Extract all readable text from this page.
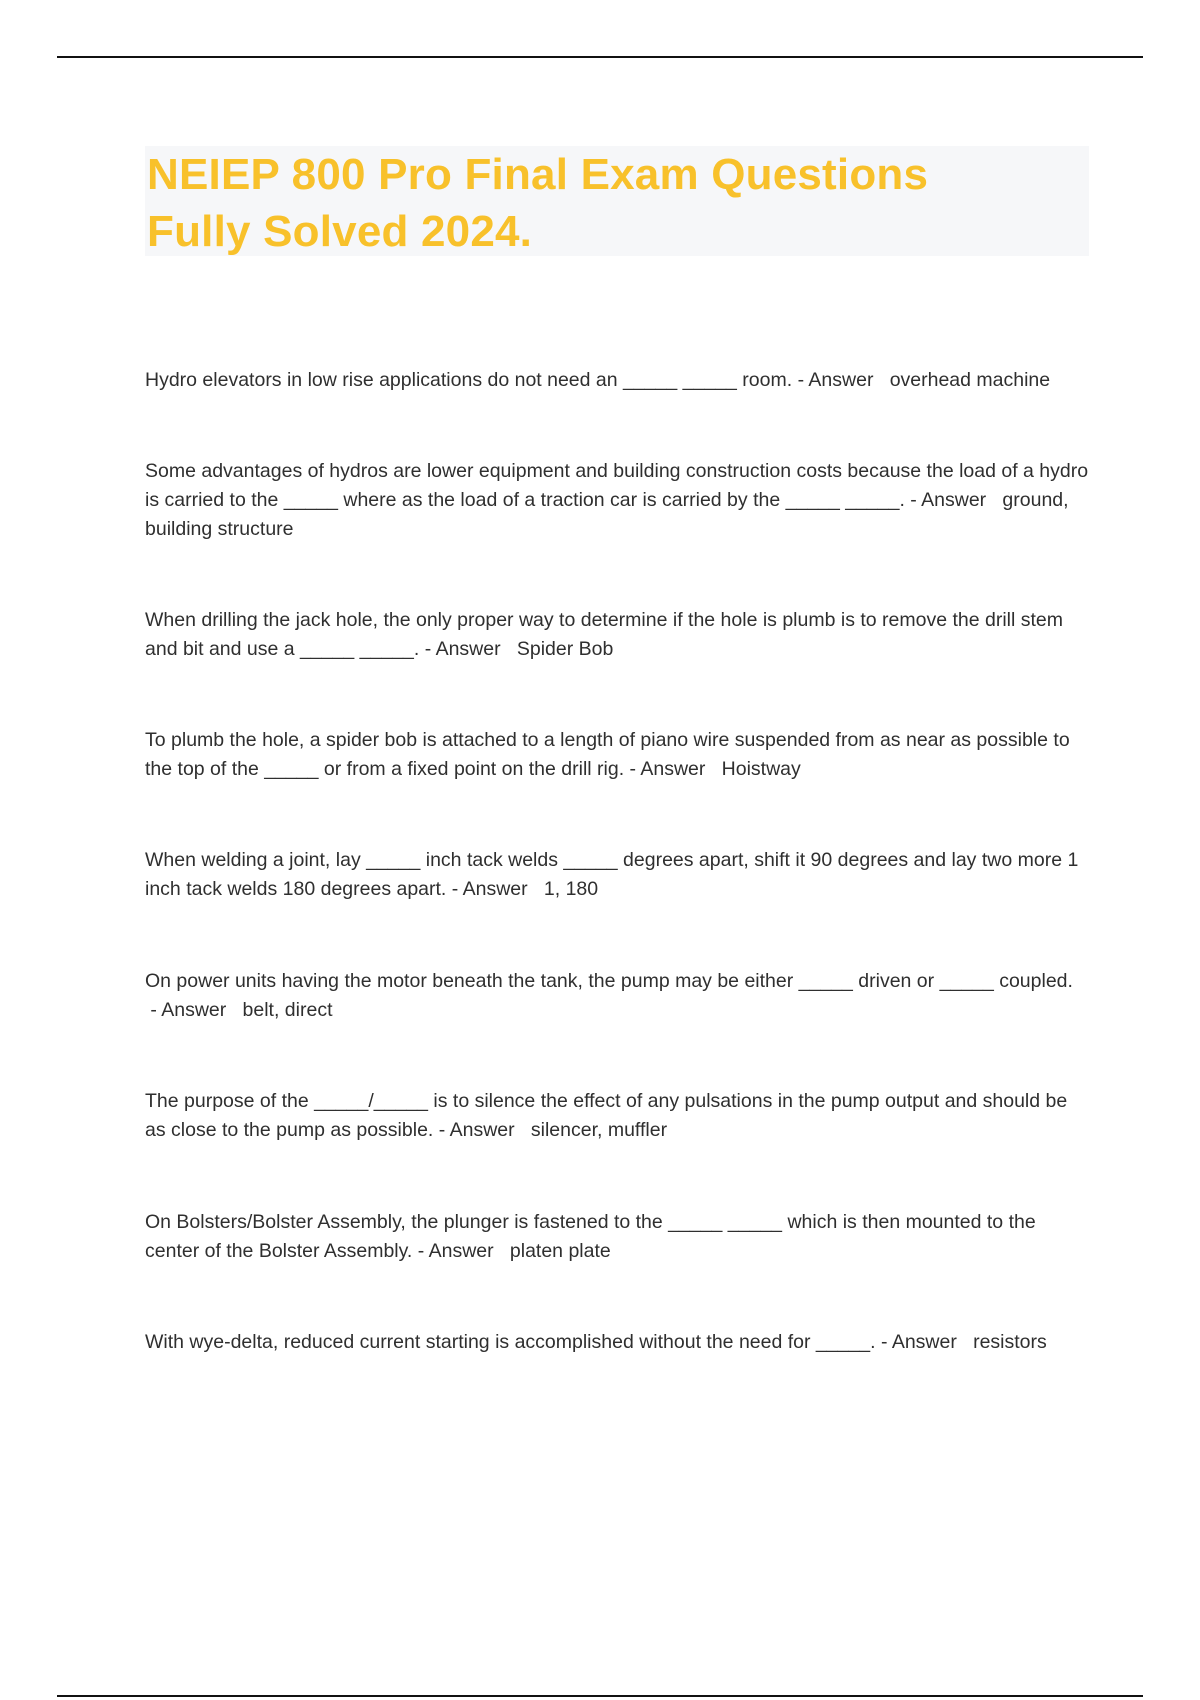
NEIEP 800 Pro Final Exam Questions
Fully Solved 2024.

Hydro elevators in low rise applications do not need an _____ _____ room. - Answer   overhead machine

Some advantages of hydros are lower equipment and building construction costs because the load of a hydro is carried to the _____ where as the load of a traction car is carried by the _____ _____. - Answer   ground, building structure

When drilling the jack hole, the only proper way to determine if the hole is plumb is to remove the drill stem and bit and use a _____ _____. - Answer   Spider Bob

To plumb the hole, a spider bob is attached to a length of piano wire suspended from as near as possible to the top of the _____ or from a fixed point on the drill rig. - Answer   Hoistway

When welding a joint, lay _____ inch tack welds _____ degrees apart, shift it 90 degrees and lay two more 1 inch tack welds 180 degrees apart. - Answer   1, 180

On power units having the motor beneath the tank, the pump may be either _____ driven or _____ coupled. - Answer   belt, direct

The purpose of the _____/_____ is to silence the effect of any pulsations in the pump output and should be as close to the pump as possible. - Answer   silencer, muffler

On Bolsters/Bolster Assembly, the plunger is fastened to the _____ _____ which is then mounted to the center of the Bolster Assembly. - Answer   platen plate

With wye-delta, reduced current starting is accomplished without the need for _____. - Answer   resistors
